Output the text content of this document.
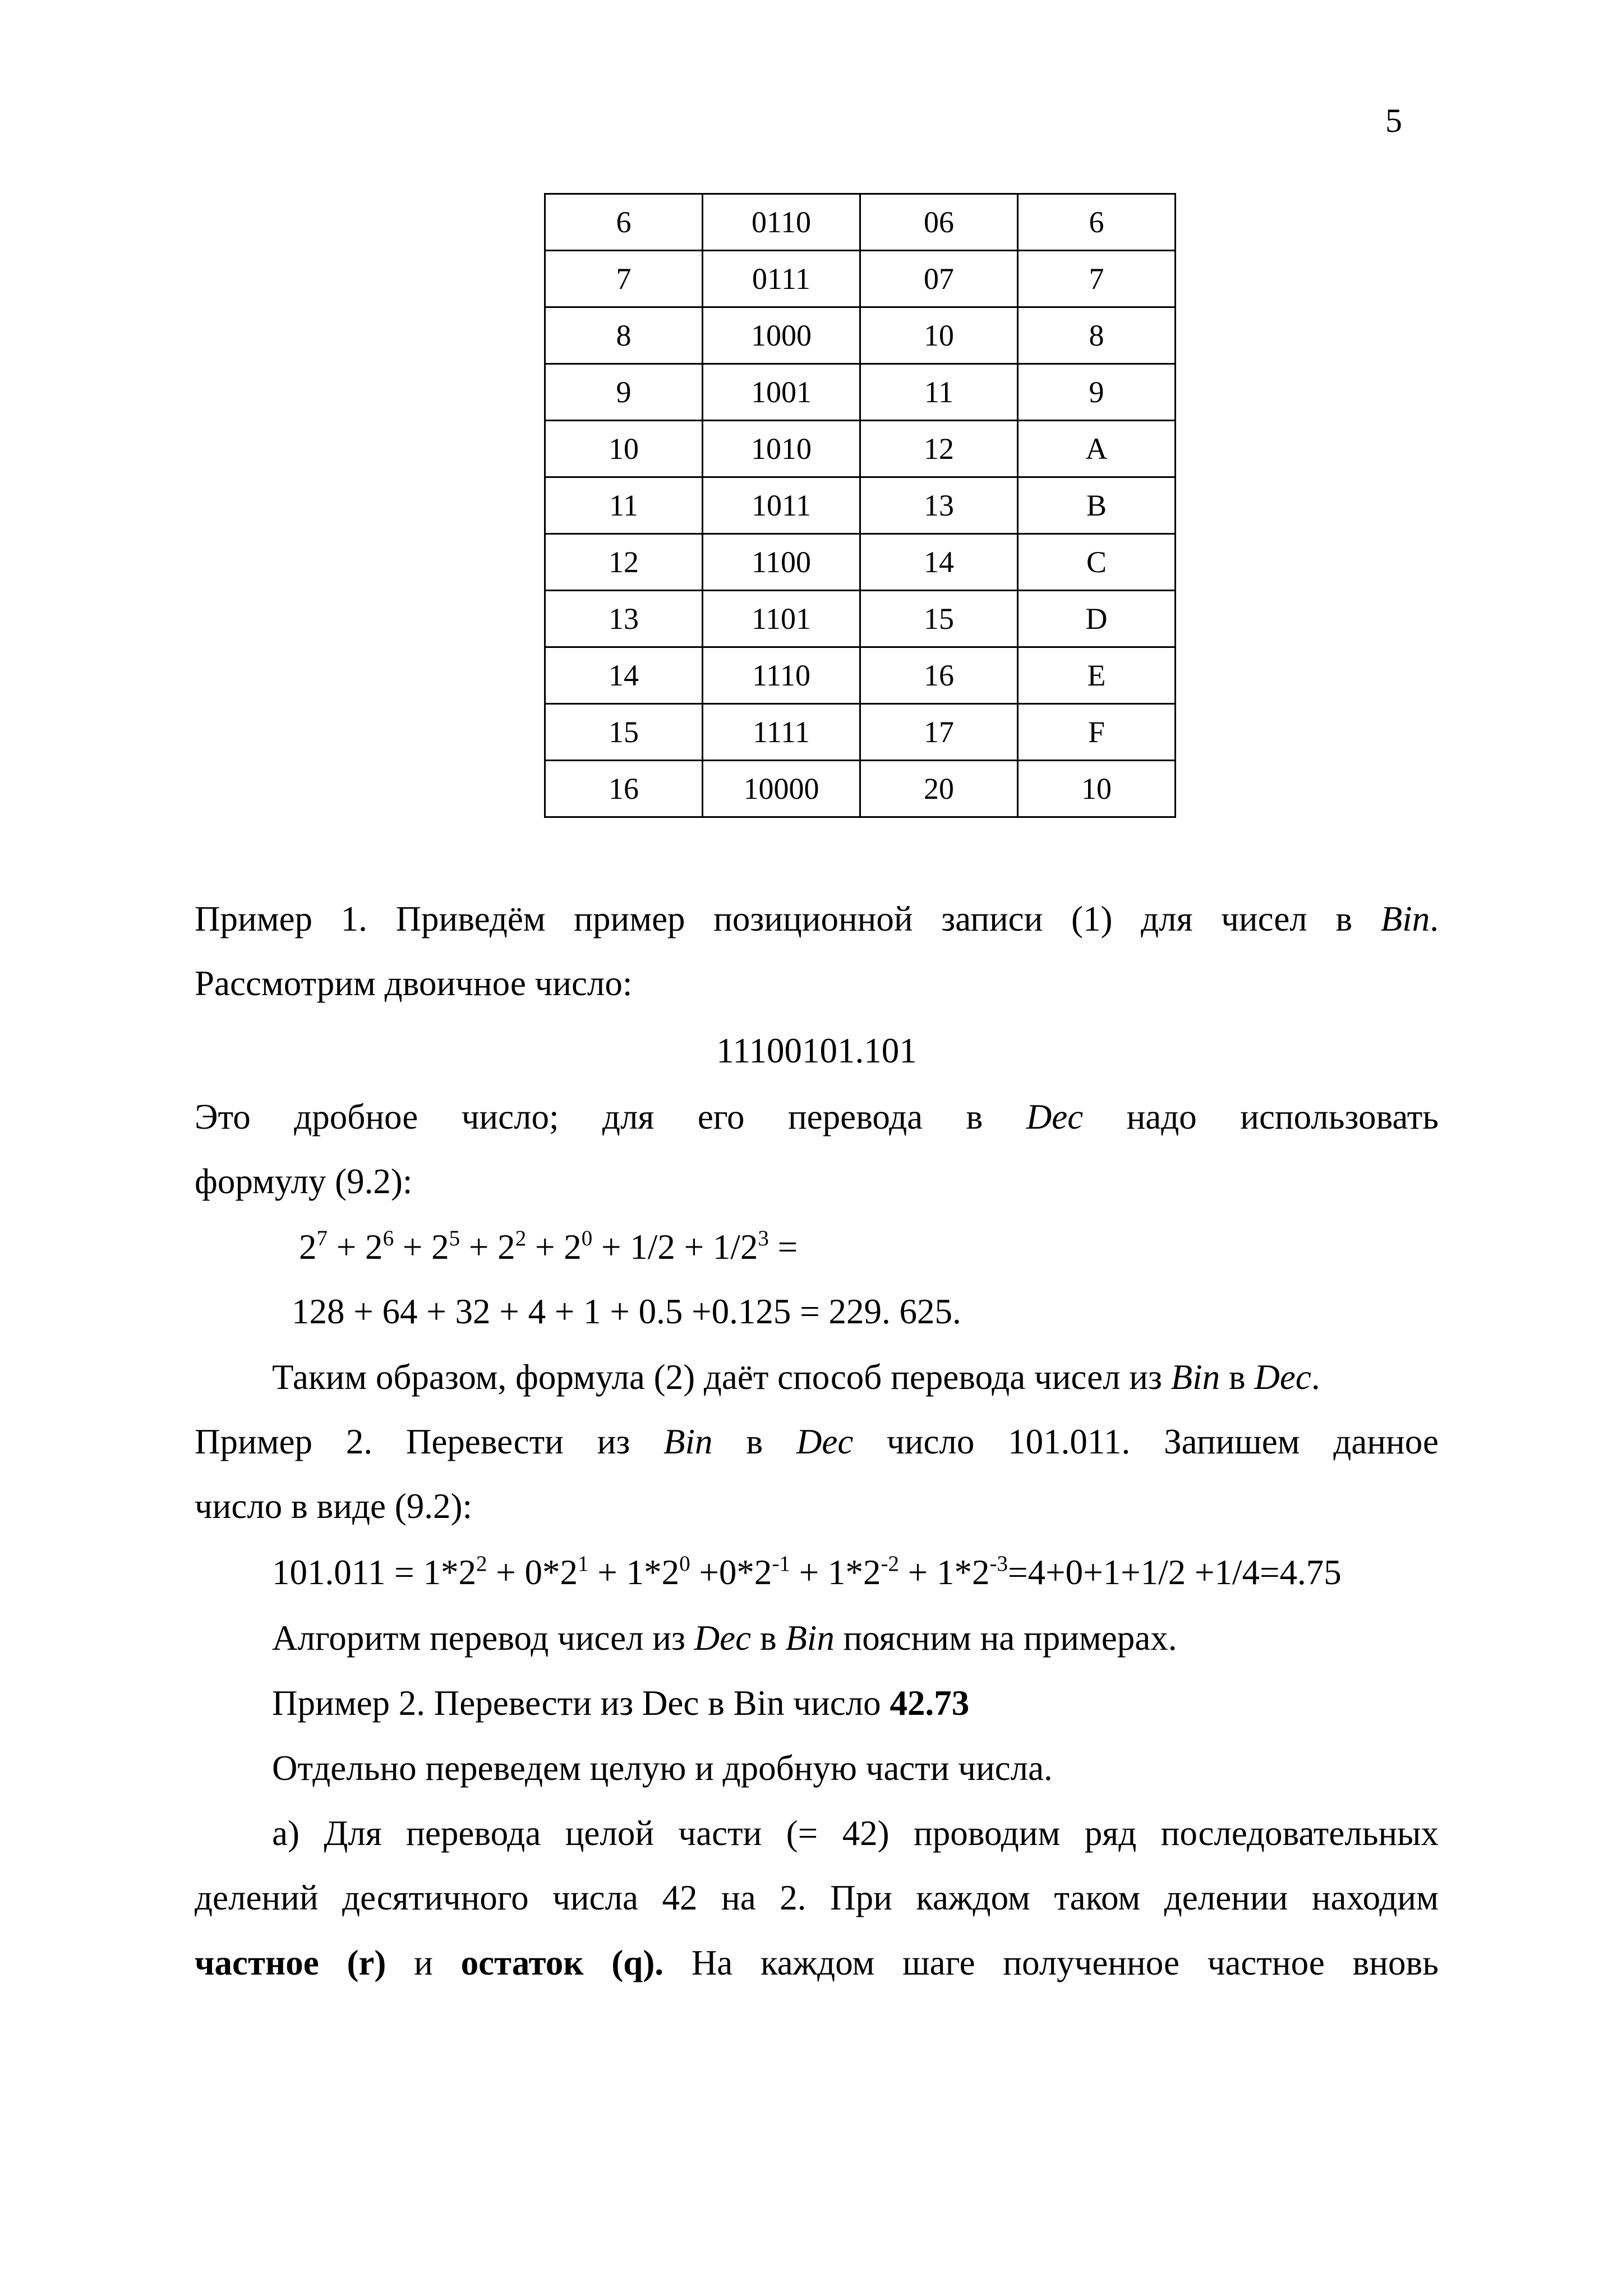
5
6	0110	06	6
7	0111	07	7
8	1000	10	8
9	1001	11	9
10	1010	12	A
11	1011	13	B
12	1100	14	C
13	1101	15	D
14	1110	16	E
15	1111	17	F
16	10000	20	10
Пример 1. Приведём пример позиционной записи (1) для чисел в Bin.
Рассмотрим двоичное число:
11100101.101
Это дробное число; для его перевода в Dec надо использовать
формулу (9.2):
$2^7 + 2^6 + 2^5 + 2^2 + 2^0 + 1/2 + 1/2^3$ =
128 + 64 + 32 + 4 + 1 + 0.5 +0.125 = 229. 625.
Таким образом, формула (2) даёт способ перевода чисел из Bin в Dec.
Пример 2. Перевести из Bin в Dec число 101.011. Запишем данное
число в виде (9.2):
$101.011 = 1*2^2 + 0*2^1 + 1*2^0 +0*2^{-1} + 1*2^{-2} + 1*2^{-3}=4+0+1+1/2 +1/4=4.75$
Алгоритм перевод чисел из Dec в Bin поясним на примерах.
Пример 2. Перевести из Dec в Bin число 42.73
Отдельно переведем целую и дробную части числа.
а) Для перевода целой части (= 42) проводим ряд последовательных
делений десятичного числа 42 на 2. При каждом таком делении находим
частное (r) и остаток (q). На каждом шаге полученное частное вновь
